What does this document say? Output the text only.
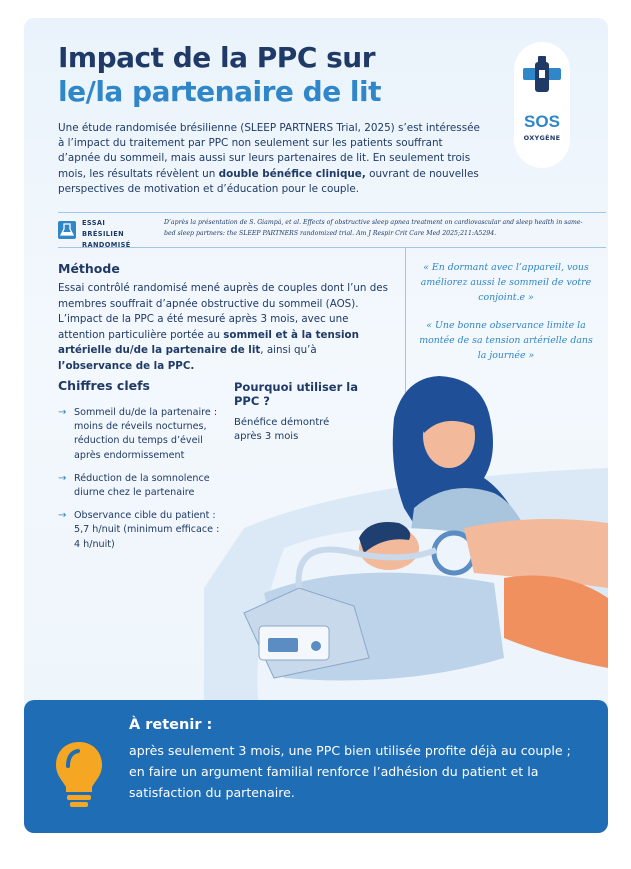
Impact de la PPC sur
le/la partenaire de lit
SOS
OXYGÈNE

Une étude randomisée brésilienne (SLEEP PARTNERS Trial, 2025) s’est intéressée à l’impact du traitement par PPC non seulement sur les patients souffrant d’apnée du sommeil, mais aussi sur leurs partenaires de lit. En seulement trois mois, les résultats révèlent un double bénéfice clinique, ouvrant de nouvelles perspectives de motivation et d’éducation pour le couple.

ESSAI BRÉSILIEN RANDOMISÉ
D’après la présentation de S. Giampá, et al. Effects of obstructive sleep apnea treatment on cardiovascular and sleep health in same-bed sleep partners: the SLEEP PARTNERS randomized trial. Am J Respir Crit Care Med 2025;211:A5294.
Méthode

Essai contrôlé randomisé mené auprès de couples dont l’un des membres souffrait d’apnée obstructive du sommeil (AOS). L’impact de la PPC a été mesuré après 3 mois, avec une attention particulière portée au sommeil et à la tension artérielle du/de la partenaire de lit, ainsi qu’à l’observance de la PPC.

« En dormant avec l’appareil, vous améliorez aussi le sommeil de votre conjoint.e »

« Une bonne observance limite la montée de sa tension artérielle dans la journée »

Chiffres clefs
→ Sommeil du/de la partenaire : moins de réveils nocturnes, réduction du temps d’éveil après endormissement
→ Réduction de la somnolence diurne chez le partenaire
→ Observance cible du patient : 5,7 h/nuit (minimum efficace : 4 h/nuit)
Pourquoi utiliser la PPC ?

Bénéfice démontré après 3 mois

À retenir :

après seulement 3 mois, une PPC bien utilisée profite déjà au couple ; en faire un argument familial renforce l’adhésion du patient et la satisfaction du partenaire.
